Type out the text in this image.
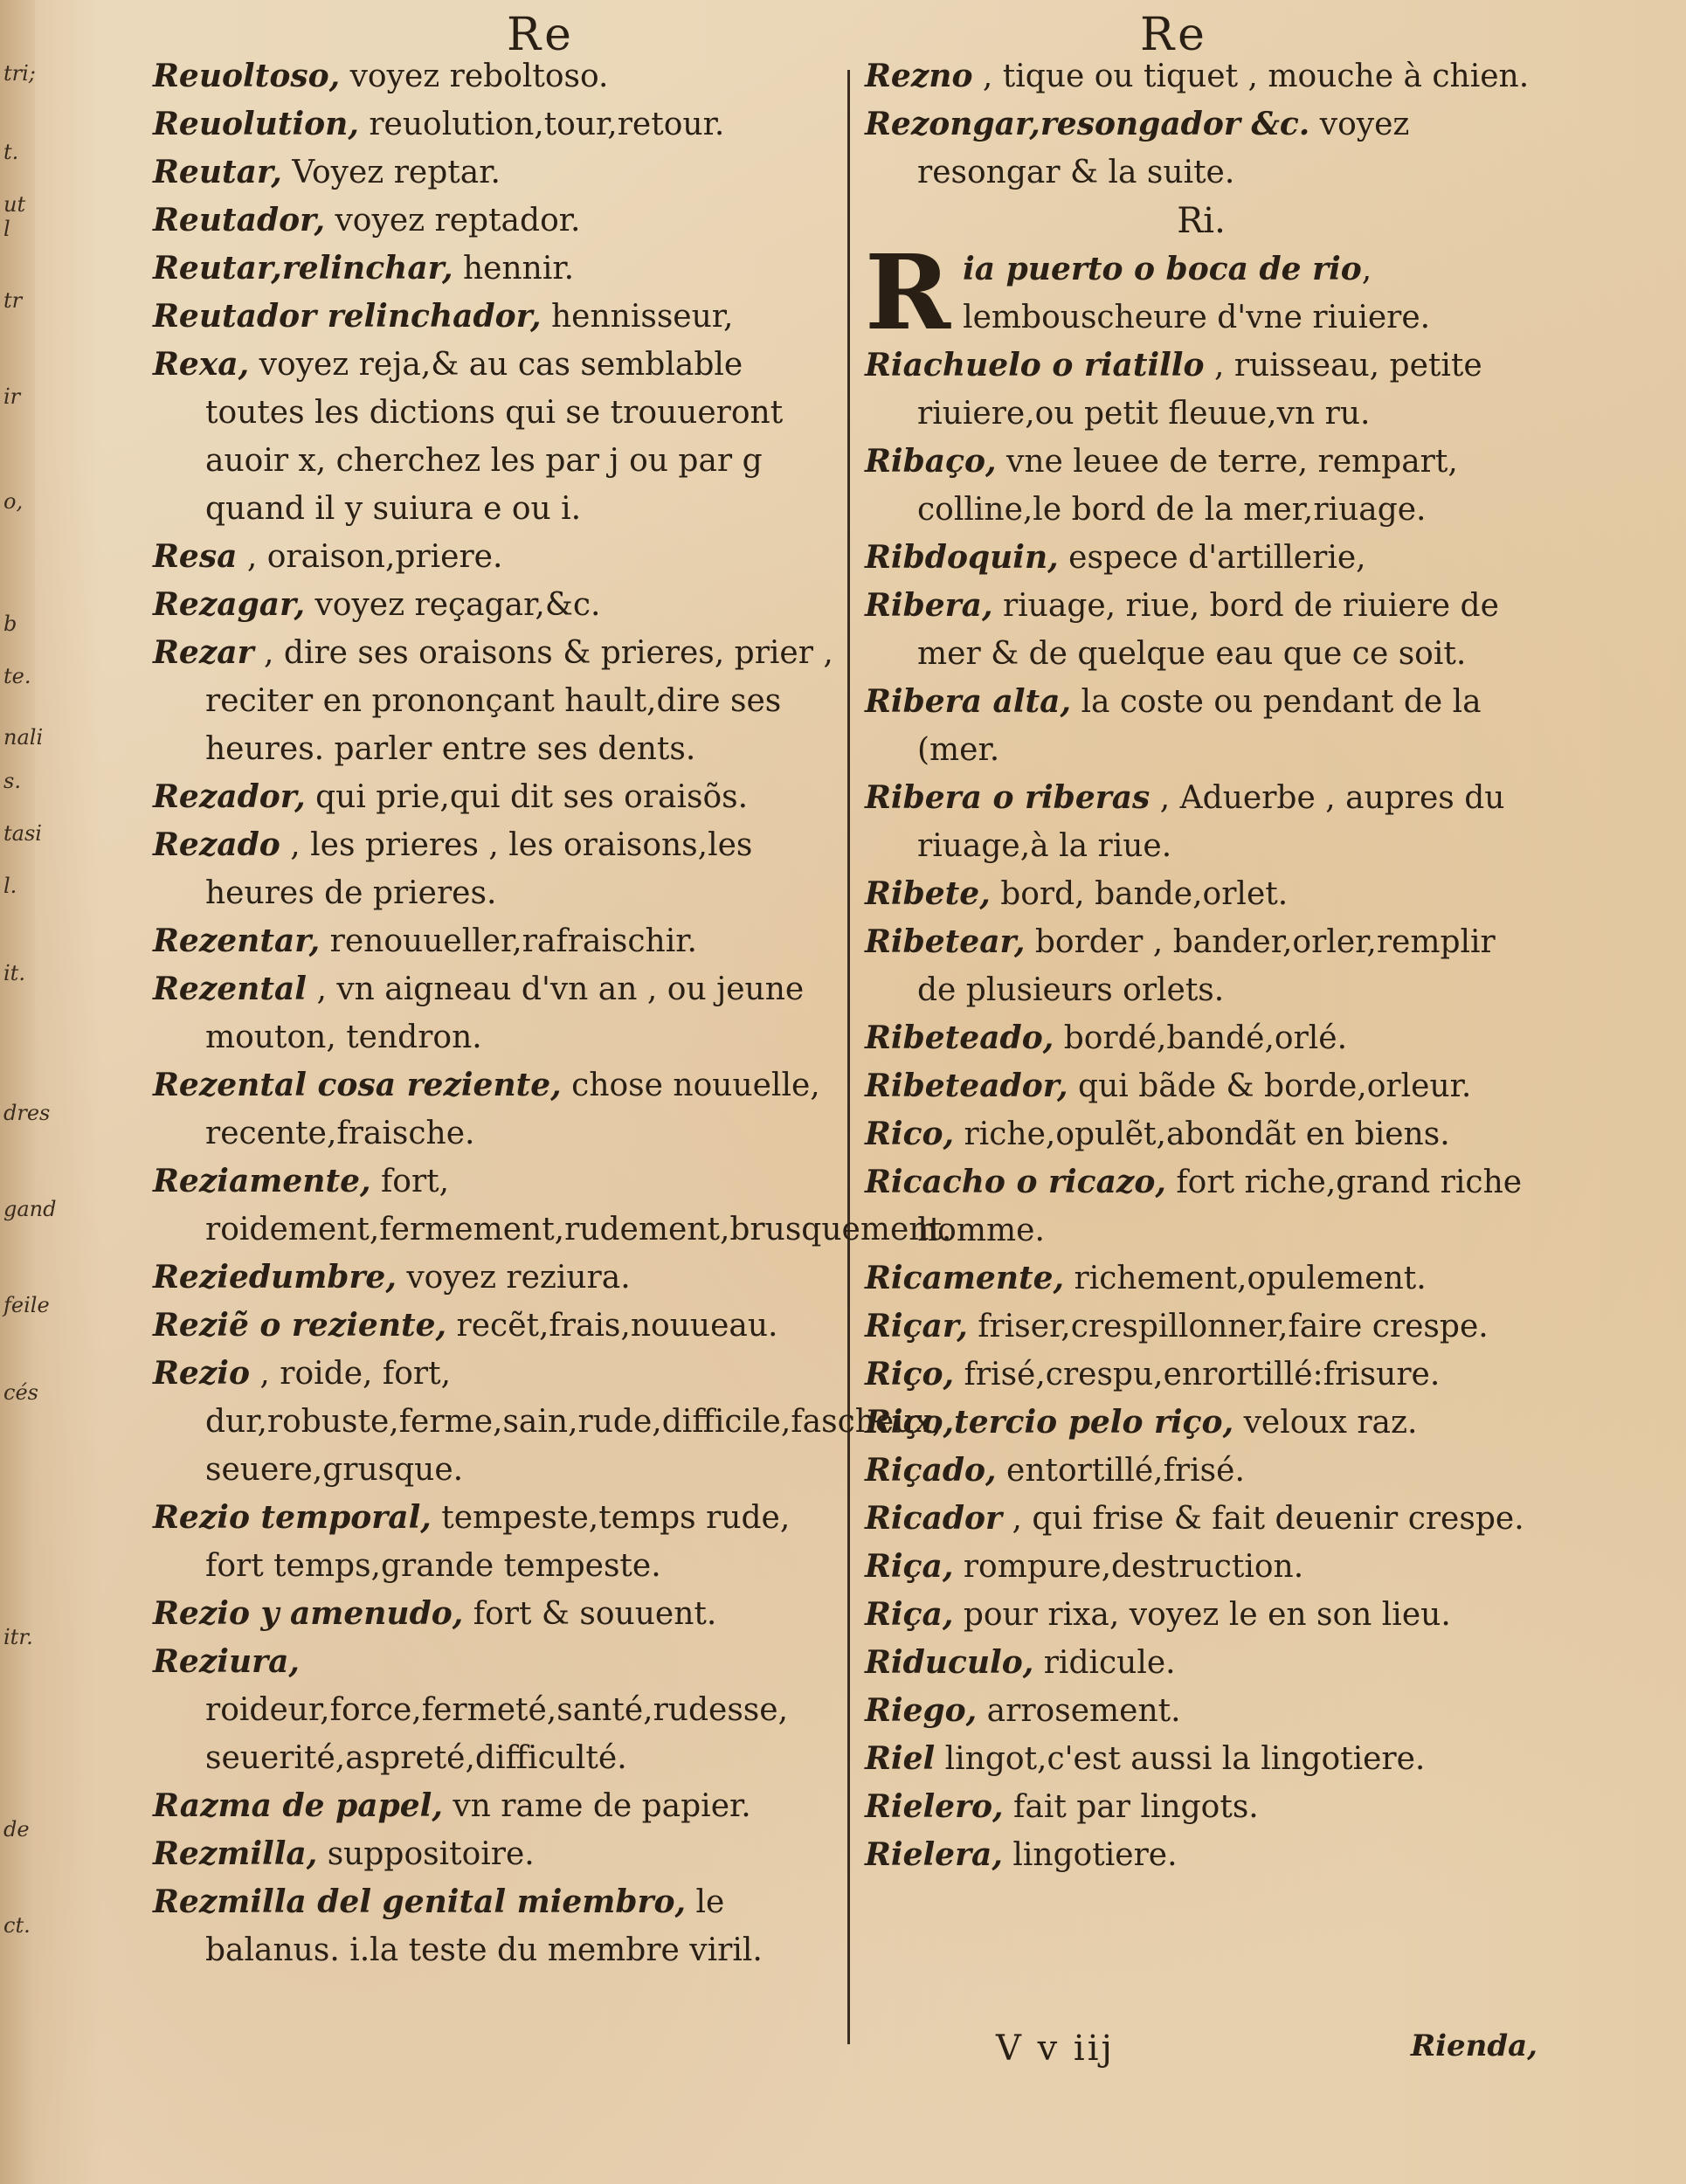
tri;
t.
ut l
tr
ir
o,
b
te.
nali
s.
tasi
l.
it.
dres
gand
feile
cés
itr.
de
ct.
Re	Re

Reuoltoso, voyez reboltoso.

Reuolution, reuolution,tour,retour.

Reutar, Voyez reptar.

Reutador, voyez reptador.

Reutar,relinchar, hennir.

Reutador relinchador, hennisseur,

Rexa, voyez reja,& au cas semblable toutes les dictions qui se trouueront auoir x, cherchez les par j ou par g quand il y suiura e ou i.

Resa , oraison,priere.

Rezagar, voyez reçagar,&c.

Rezar , dire ses oraisons & prieres, prier , reciter en prononçant hault,dire ses heures. parler entre ses dents.

Rezador, qui prie,qui dit ses oraisõs.

Rezado , les prieres , les oraisons,les heures de prieres.

Rezentar, renouueller,rafraischir.

Rezental , vn aigneau d'vn an , ou jeune mouton, tendron.

Rezental cosa reziente, chose nouuelle, recente,fraische.

Reziamente, fort, roidement,fermement,rudement,brusquement.

Reziedumbre, voyez reziura.

Reziẽ o reziente, recẽt,frais,nouueau.

Rezio , roide, fort, dur,robuste,ferme,sain,rude,difficile,fascheux, seuere,grusque.

Rezio temporal, tempeste,temps rude, fort temps,grande tempeste.

Rezio y amenudo, fort & souuent.

Reziura, roideur,force,fermeté,santé,rudesse, seuerité,aspreté,difficulté.

Razma de papel, vn rame de papier.

Rezmilla, suppositoire.

Rezmilla del genital miembro, le balanus. i.la teste du membre viril.

Rezno , tique ou tiquet , mouche à chien.

Rezongar,resongador &c. voyez resongar & la suite.

Ri.

Ria puerto o boca de rio, lembouscheure d'vne riuiere.

Riachuelo o riatillo , ruisseau, petite riuiere,ou petit fleuue,vn ru.

Ribaço, vne leuee de terre, rempart, colline,le bord de la mer,riuage.

Ribdoquin, espece d'artillerie,

Ribera, riuage, riue, bord de riuiere de mer & de quelque eau que ce soit.

Ribera alta, la coste ou pendant de la (mer.

Ribera o riberas , Aduerbe , aupres du riuage,à la riue.

Ribete, bord, bande,orlet.

Ribetear, border , bander,orler,remplir de plusieurs orlets.

Ribeteado, bordé,bandé,orlé.

Ribeteador, qui bãde & borde,orleur.

Rico, riche,opulẽt,abondãt en biens.

Ricacho o ricazo, fort riche,grand riche homme.

Ricamente, richement,opulement.

Riçar, friser,crespillonner,faire crespe.

Riço, frisé,crespu,enrortillé:frisure.

Riço,tercio pelo riço, veloux raz.

Riçado, entortillé,frisé.

Ricador , qui frise & fait deuenir crespe.

Riça, rompure,destruction.

Riça, pour rixa, voyez le en son lieu.

Riduculo, ridicule.

Riego, arrosement.

Riel lingot,c'est aussi la lingotiere.

Rielero, fait par lingots.

Rielera, lingotiere.

V v iij	Rienda,
